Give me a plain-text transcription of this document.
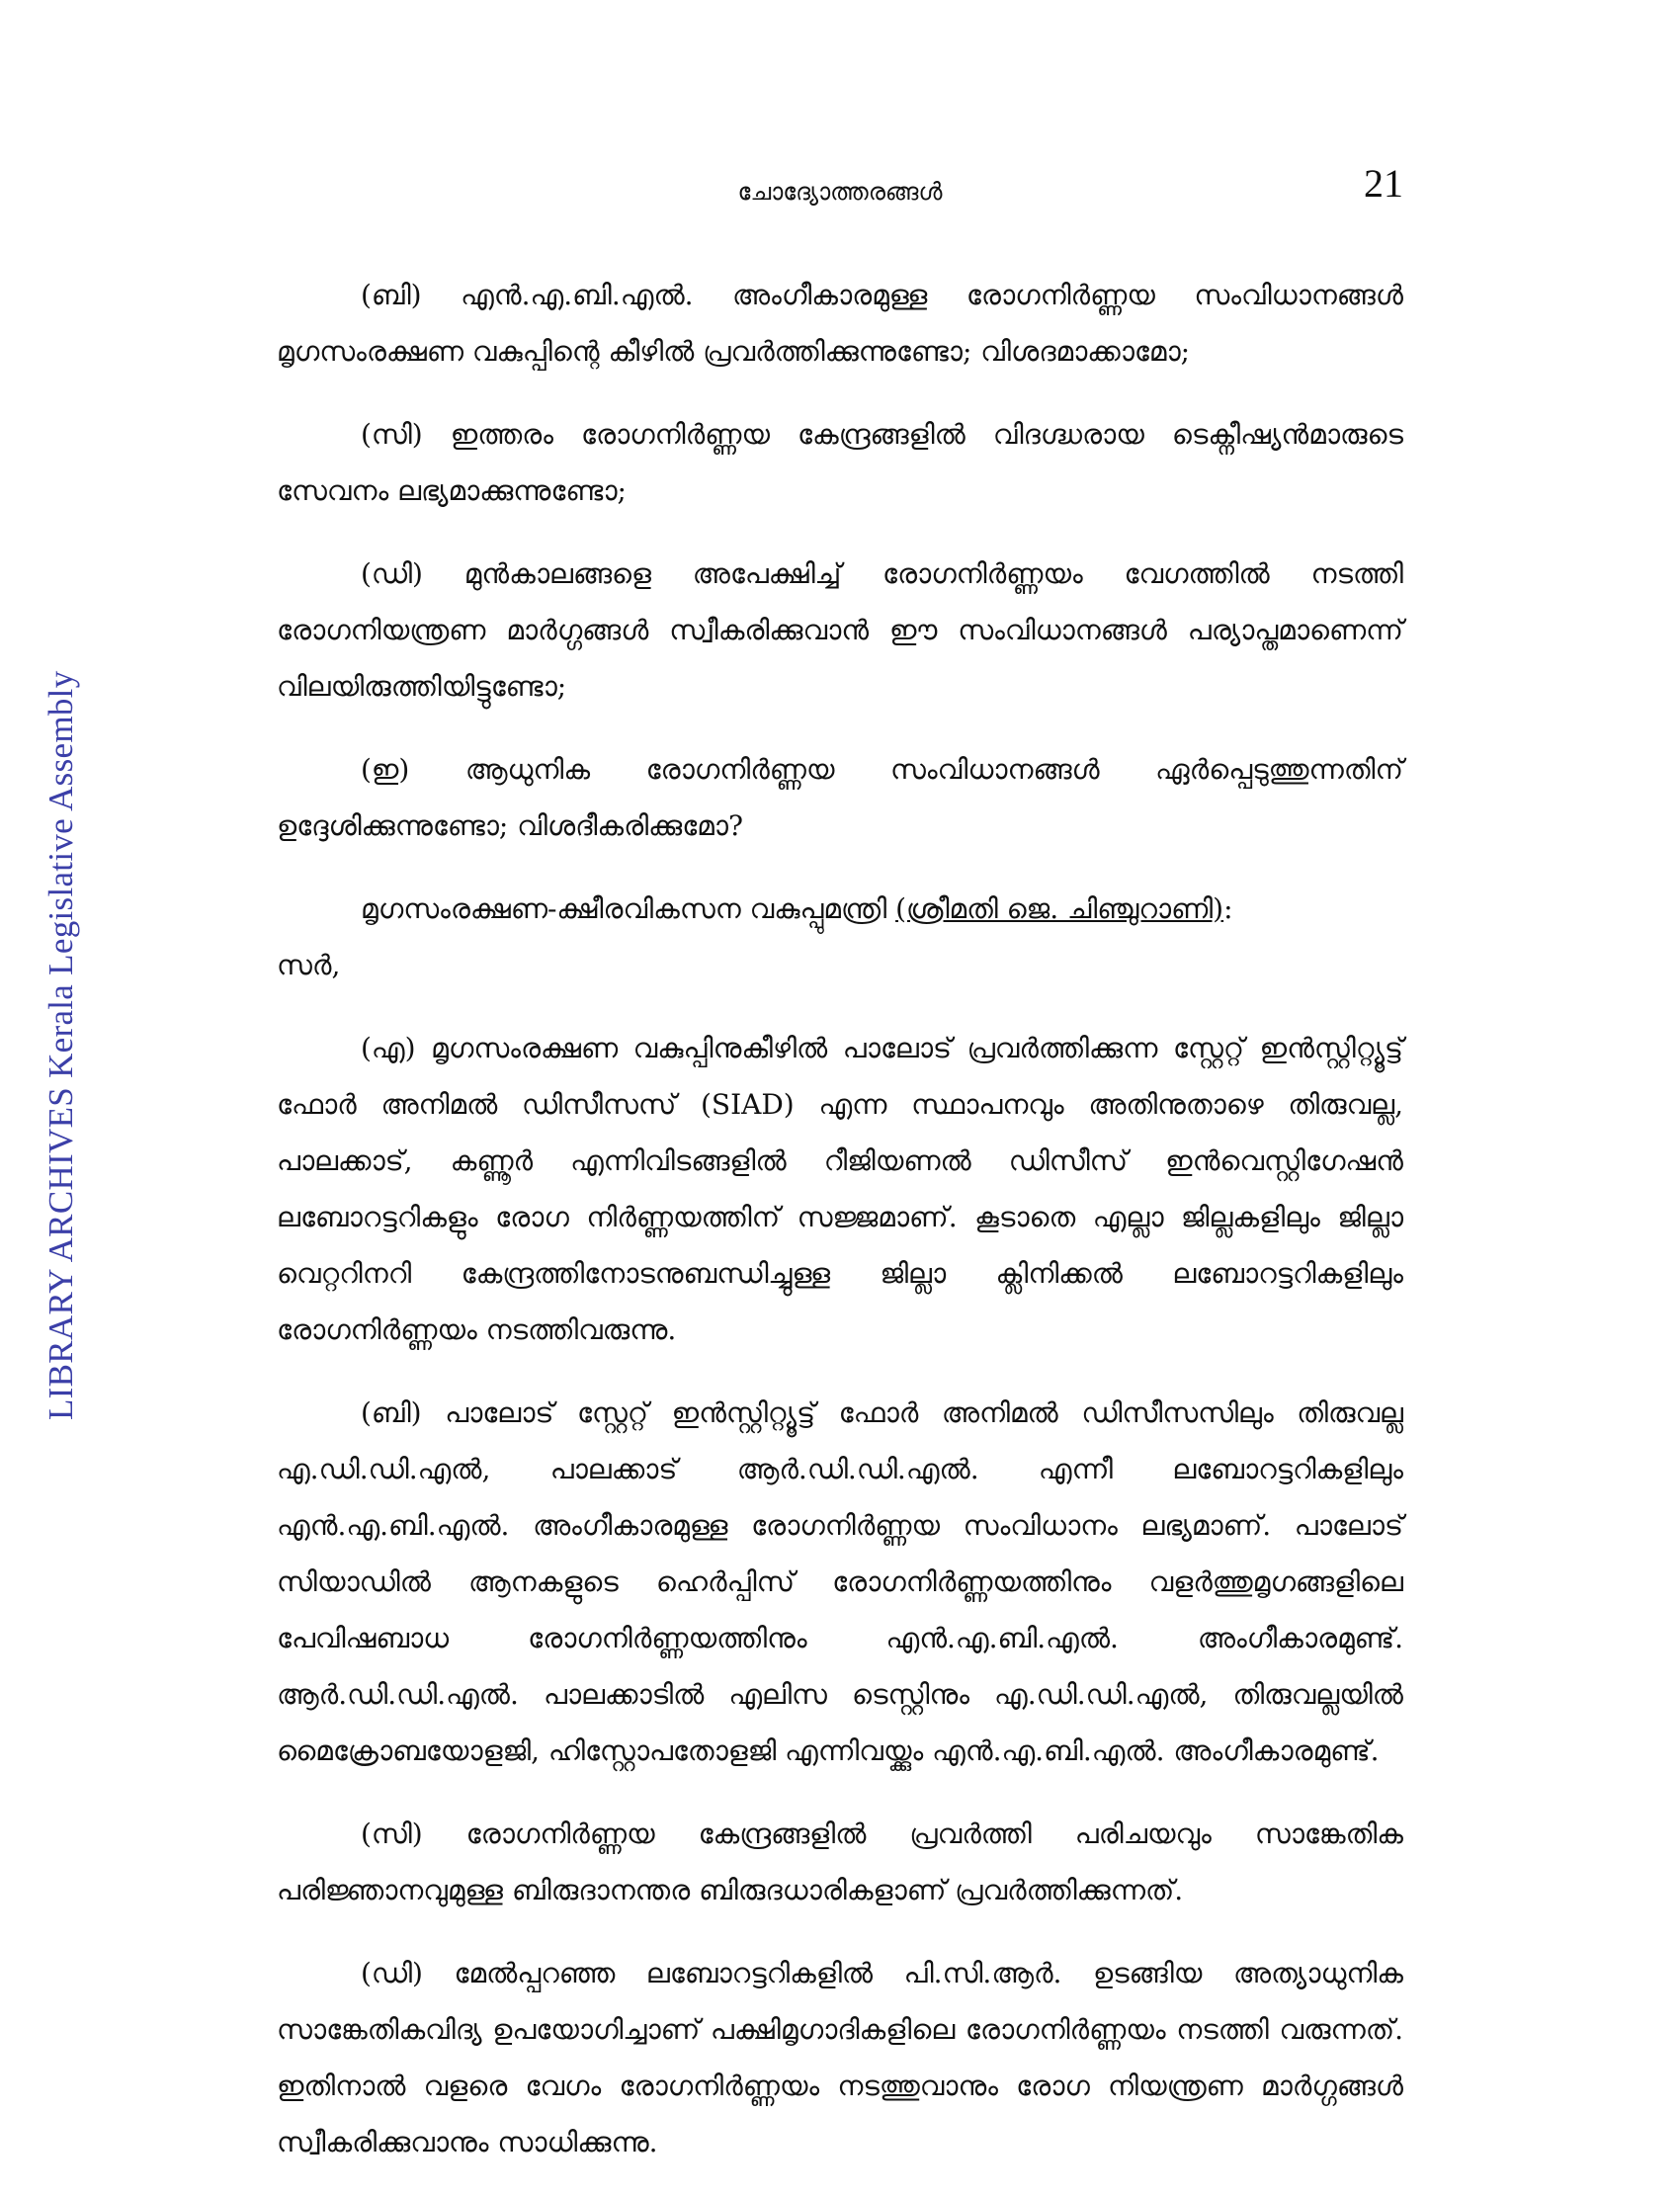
ചോദ്യോത്തരങ്ങൾ	21
LIBRARY ARCHIVES Kerala Legislative Assembly

(ബി) എൻ.എ.ബി.എൽ. അംഗീകാരമുള്ള രോഗനിർണ്ണയ സംവിധാനങ്ങൾ മൃഗസംരക്ഷണ വകുപ്പിന്റെ കീഴിൽ പ്രവർത്തിക്കുന്നുണ്ടോ; വിശദമാക്കാമോ;

(സി) ഇത്തരം രോഗനിർണ്ണയ കേന്ദ്രങ്ങളിൽ വിദഗ്ദ്ധരായ ടെക്നീഷ്യൻമാരുടെ സേവനം ലഭ്യമാക്കുന്നുണ്ടോ;

(ഡി) മുൻകാലങ്ങളെ അപേക്ഷിച്ച് രോഗനിർണ്ണയം വേഗത്തിൽ നടത്തി രോഗനിയന്ത്രണ മാർഗ്ഗങ്ങൾ സ്വീകരിക്കുവാൻ ഈ സംവിധാനങ്ങൾ പര്യാപ്തമാണെന്ന് വിലയിരുത്തിയിട്ടുണ്ടോ;

(ഇ) ആധുനിക രോഗനിർണ്ണയ സംവിധാനങ്ങൾ ഏർപ്പെടുത്തുന്നതിന് ഉദ്ദേശിക്കുന്നുണ്ടോ; വിശദീകരിക്കുമോ?

മൃഗസംരക്ഷണ-ക്ഷീരവികസന വകുപ്പുമന്ത്രി (ശ്രീമതി ജെ. ചിഞ്ചുറാണി):
സർ,

(എ) മൃഗസംരക്ഷണ വകുപ്പിനുകീഴിൽ പാലോട് പ്രവർത്തിക്കുന്ന സ്റ്റേറ്റ് ഇൻസ്റ്റിറ്റ്യൂട്ട് ഫോർ അനിമൽ ഡിസീസസ് (SIAD) എന്ന സ്ഥാപനവും അതിനുതാഴെ തിരുവല്ല, പാലക്കാട്, കണ്ണൂർ എന്നിവിടങ്ങളിൽ റീജിയണൽ ഡിസീസ് ഇൻവെസ്റ്റിഗേഷൻ ലബോറട്ടറികളും രോഗ നിർണ്ണയത്തിന് സജ്ജമാണ്. കൂടാതെ എല്ലാ ജില്ലകളിലും ജില്ലാ വെറ്ററിനറി കേന്ദ്രത്തിനോടനുബന്ധിച്ചുള്ള ജില്ലാ ക്ലിനിക്കൽ ലബോറട്ടറികളിലും രോഗനിർണ്ണയം നടത്തിവരുന്നു.

(ബി) പാലോട് സ്റ്റേറ്റ് ഇൻസ്റ്റിറ്റ്യൂട്ട് ഫോർ അനിമൽ ഡിസീസസിലും തിരുവല്ല എ.ഡി.ഡി.എൽ, പാലക്കാട് ആർ.ഡി.ഡി.എൽ. എന്നീ ലബോറട്ടറികളിലും എൻ.എ.ബി.എൽ. അംഗീകാരമുള്ള രോഗനിർണ്ണയ സംവിധാനം ലഭ്യമാണ്. പാലോട് സിയാഡിൽ ആനകളുടെ ഹെർപ്പിസ് രോഗനിർണ്ണയത്തിനും വളർത്തുമൃഗങ്ങളിലെ പേവിഷബാധ രോഗനിർണ്ണയത്തിനും എൻ.എ.ബി.എൽ. അംഗീകാരമുണ്ട്. ആർ.ഡി.ഡി.എൽ. പാലക്കാടിൽ എലിസ ടെസ്റ്റിനും എ.ഡി.ഡി.എൽ, തിരുവല്ലയിൽ മൈക്രോബയോളജി, ഹിസ്റ്റോപതോളജി എന്നിവയ്ക്കും എൻ.എ.ബി.എൽ. അംഗീകാരമുണ്ട്.

(സി) രോഗനിർണ്ണയ കേന്ദ്രങ്ങളിൽ പ്രവർത്തി പരിചയവും സാങ്കേതിക പരിജ്ഞാനവുമുള്ള ബിരുദാനന്തര ബിരുദധാരികളാണ് പ്രവർത്തിക്കുന്നത്.

(ഡി) മേൽപ്പറഞ്ഞ ലബോറട്ടറികളിൽ പി.സി.ആർ. ഉടങ്ങിയ അത്യാധുനിക സാങ്കേതികവിദ്യ ഉപയോഗിച്ചാണ് പക്ഷിമൃഗാദികളിലെ രോഗനിർണ്ണയം നടത്തി വരുന്നത്. ഇതിനാൽ വളരെ വേഗം രോഗനിർണ്ണയം നടത്തുവാനും രോഗ നിയന്ത്രണ മാർഗ്ഗങ്ങൾ സ്വീകരിക്കുവാനും സാധിക്കുന്നു.
